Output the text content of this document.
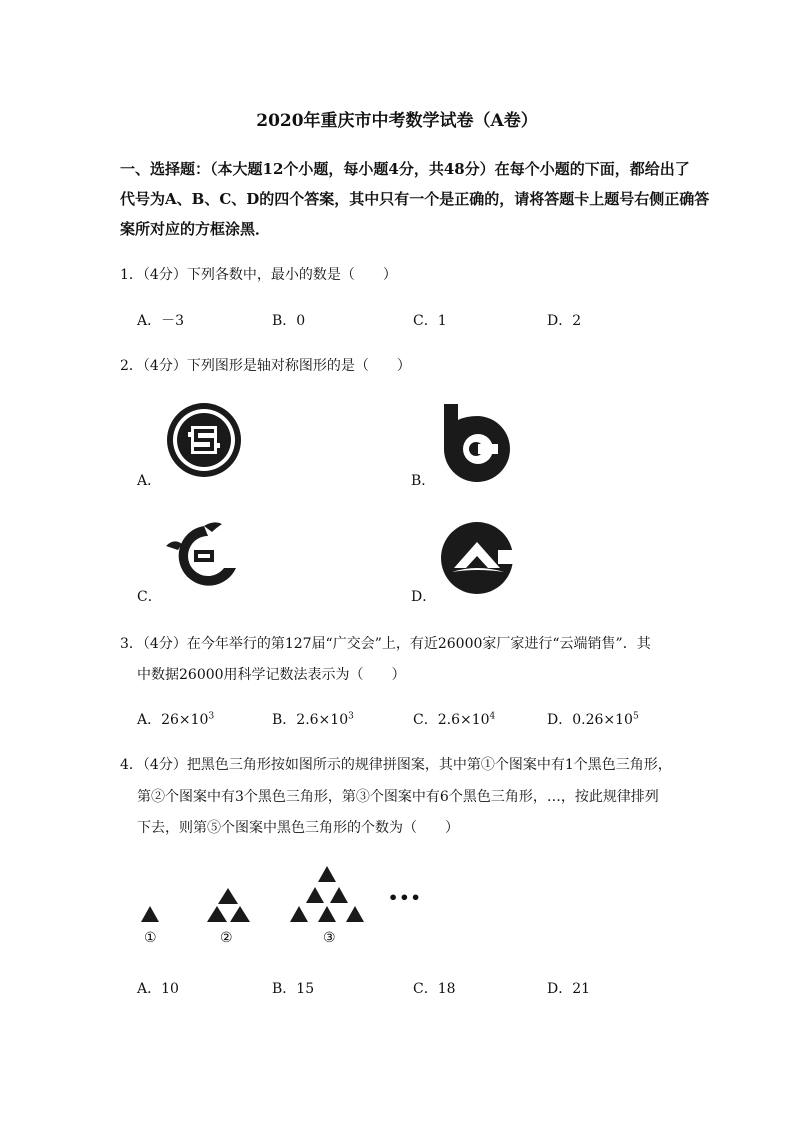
2020年重庆市中考数学试卷（A卷）
一、选择题：（本大题12个小题，每小题4分，共48分）在每个小题的下面，都给出了
代号为A、B、C、D的四个答案，其中只有一个是正确的，请将答题卡上题号右侧正确答
案所对应的方框涂黑．
1．（4分）下列各数中，最小的数是（　　）
A．－3	B．0	C．1	D．2
2．（4分）下列图形是轴对称图形的是（　　）
A．	B．
C．	D．
3．（4分）在今年举行的第127届“广交会”上，有近26000家厂家进行“云端销售”．其
中数据26000用科学记数法表示为（　　）
A．$26\times 10^3$	B．$2.6\times 10^3$	C．$2.6\times 10^4$	D．$0.26\times 10^5$
4．（4分）把黑色三角形按如图所示的规律拼图案，其中第①个图案中有1个黑色三角形，
第②个图案中有3个黑色三角形，第③个图案中有6个黑色三角形，…，按此规律排列
下去，则第⑤个图案中黑色三角形的个数为（　　）
•••
①	②	③
A．10	B．15	C．18	D．21
